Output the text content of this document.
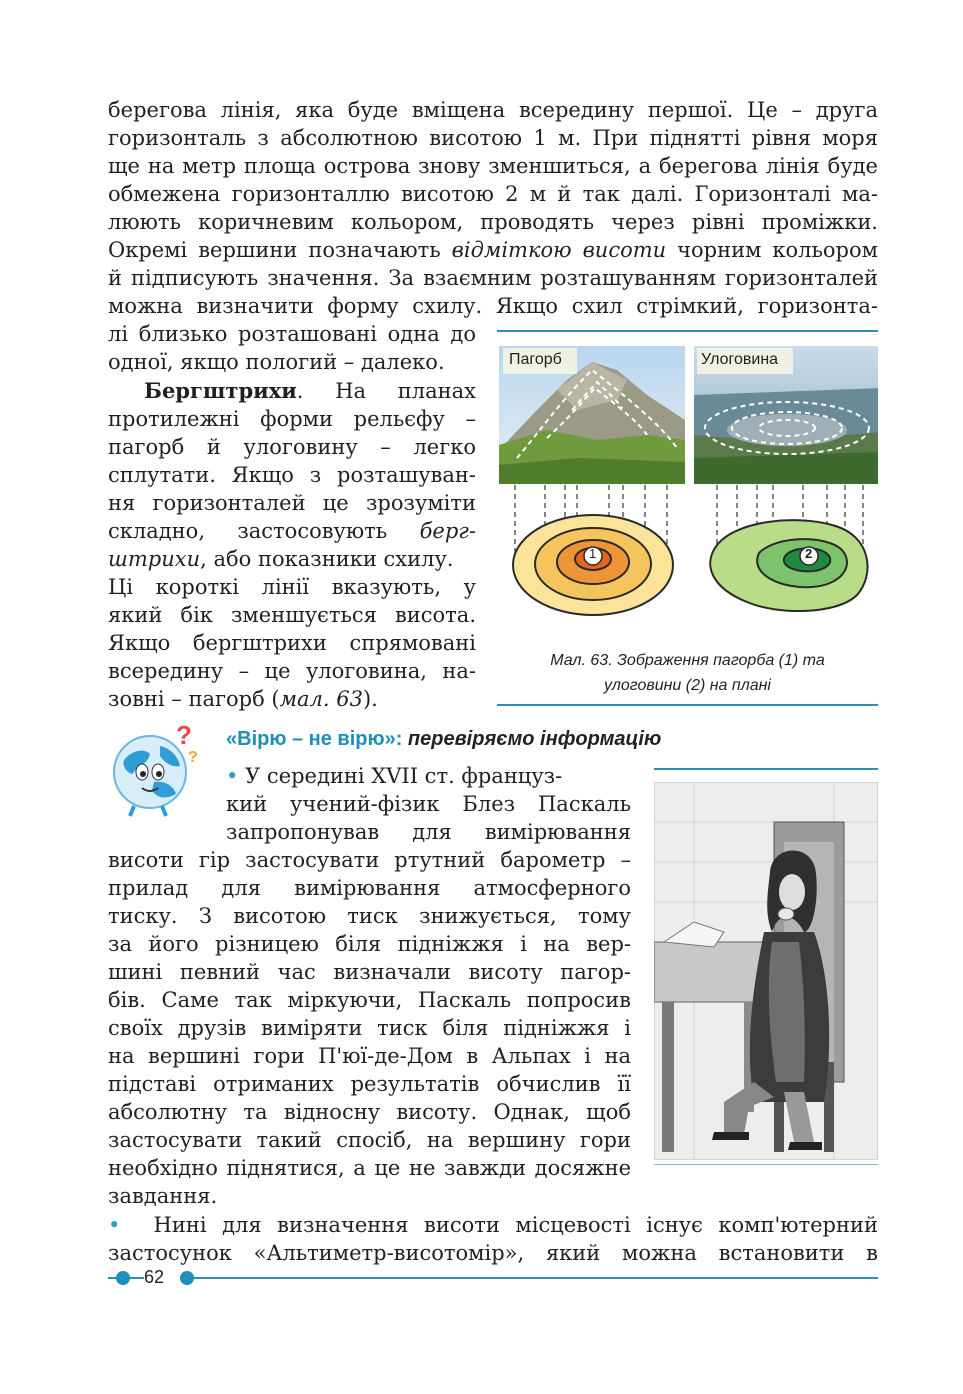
берегова лінія, яка буде вміщена всередину першої. Це – друга
горизонталь з абсолютною висотою 1 м. При піднятті рівня моря
ще на метр площа острова знову зменшиться, а берегова лінія буде
обмежена горизонталлю висотою 2 м й так далі. Горизонталі ма-
люють коричневим кольором, проводять через рівні проміжки.
Окремі вершини позначають відміткою висоти чорним кольором
й підписують значення. За взаємним розташуванням горизонталей
можна визначити форму схилу. Якщо схил стрімкий, горизонта-
лі близько розташовані одна до
одної, якщо пологий – далеко.
Бергштрихи. На планах
протилежні форми рельєфу –
пагорб й улоговину – легко
сплутати. Якщо з розташуван-
ня горизонталей це зрозуміти
складно, застосовують берг-
штрихи, або показники схилу.
Ці короткі лінії вказують, у
який бік зменшується висота.
Якщо бергштрихи спрямовані
всередину – це улоговина, на-
зовні – пагорб (мал. 63).
Пагорб	Улоговина
1	2
Мал. 63. Зображення пагорба (1) та
улоговини (2) на плані
?
?
«Вірю – не вірю»: перевіряємо інформацію
• У середині XVII ст. француз-
кий учений-фізик Блез Паскаль
запропонував для вимірювання
висоти гір застосувати ртутний барометр –
прилад для вимірювання атмосферного
тиску. З висотою тиск знижується, тому
за його різницею біля підніжжя і на вер-
шині певний час визначали висоту пагор-
бів. Саме так міркуючи, Паскаль попросив
своїх друзів виміряти тиск біля підніжжя і
на вершині гори П'юї-де-Дом в Альпах і на
підставі отриманих результатів обчислив її
абсолютну та відносну висоту. Однак, щоб
застосувати такий спосіб, на вершину гори
необхідно піднятися, а це не завжди досяжне
завдання.
• Нині для визначення висоти місцевості існує комп'ютерний
застосунок «Альтиметр-висотомір», який можна встановити в
62
